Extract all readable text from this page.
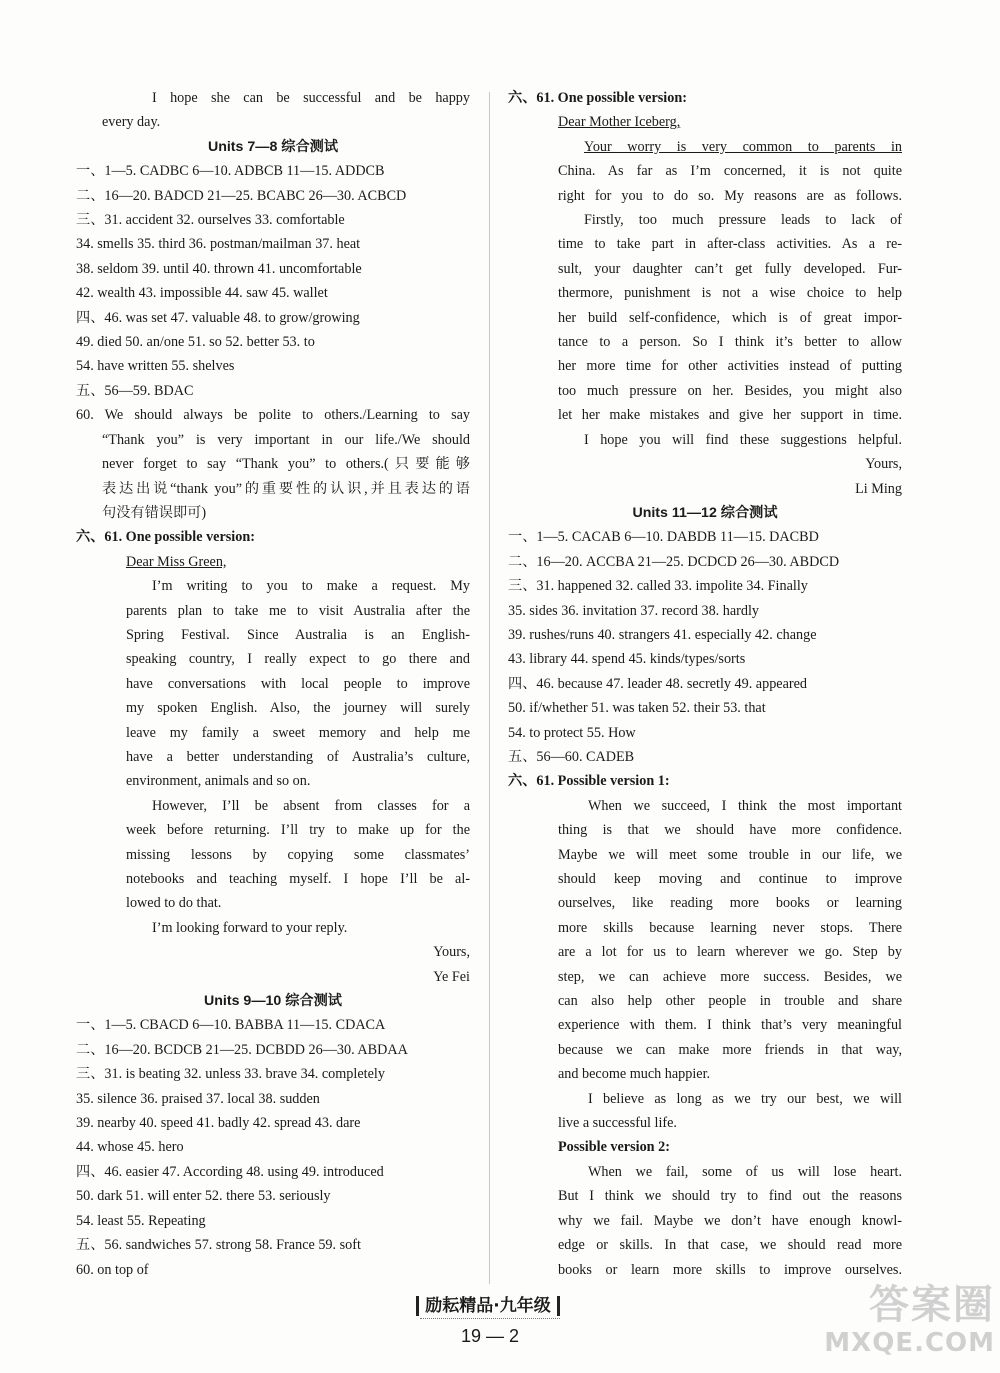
I hope she can be successful and be happy
every day.
Units 7—8 综合测试
一、1—5. CADBC 6—10. ADBCB 11—15. ADDCB
二、16—20. BADCD 21—25. BCABC 26—30. ACBCD
三、31. accident 32. ourselves 33. comfortable
34. smells 35. third 36. postman/mailman 37. heat
38. seldom 39. until 40. thrown 41. uncomfortable
42. wealth 43. impossible 44. saw 45. wallet
四、46. was set 47. valuable 48. to grow/growing
49. died 50. an/one 51. so 52. better 53. to
54. have written 55. shelves
五、56—59. BDAC
60. We should always be polite to others./Learning to say
“Thank you” is very important in our life./We should
never forget to say “Thank you” to others.(只要能够
表达出说“thank you”的重要性的认识,并且表达的语
句没有错误即可)
六、61. One possible version:
Dear Miss Green,
I’m writing to you to make a request. My
parents plan to take me to visit Australia after the
Spring Festival. Since Australia is an English-
speaking country, I really expect to go there and
have conversations with local people to improve
my spoken English. Also, the journey will surely
leave my family a sweet memory and help me
have a better understanding of Australia’s culture,
environment, animals and so on.
However, I’ll be absent from classes for a
week before returning. I’ll try to make up for the
missing lessons by copying some classmates’
notebooks and teaching myself. I hope I’ll be al-
lowed to do that.
I’m looking forward to your reply.
Yours,
Ye Fei
Units 9—10 综合测试
一、1—5. CBACD 6—10. BABBA 11—15. CDACA
二、16—20. BCDCB 21—25. DCBDD 26—30. ABDAA
三、31. is beating 32. unless 33. brave 34. completely
35. silence 36. praised 37. local 38. sudden
39. nearby 40. speed 41. badly 42. spread 43. dare
44. whose 45. hero
四、46. easier 47. According 48. using 49. introduced
50. dark 51. will enter 52. there 53. seriously
54. least 55. Repeating
五、56. sandwiches 57. strong 58. France 59. soft
60. on top of
六、61. One possible version:
Dear Mother Iceberg,
Your worry is very common to parents in
China. As far as I’m concerned, it is not quite
right for you to do so. My reasons are as follows.
Firstly, too much pressure leads to lack of
time to take part in after-class activities. As a re-
sult, your daughter can’t get fully developed. Fur-
thermore, punishment is not a wise choice to help
her build self-confidence, which is of great impor-
tance to a person. So I think it’s better to allow
her more time for other activities instead of putting
too much pressure on her. Besides, you might also
let her make mistakes and give her support in time.
I hope you will find these suggestions helpful.
Yours,
Li Ming
Units 11—12 综合测试
一、1—5. CACAB 6—10. DABDB 11—15. DACBD
二、16—20. ACCBA 21—25. DCDCD 26—30. ABDCD
三、31. happened 32. called 33. impolite 34. Finally
35. sides 36. invitation 37. record 38. hardly
39. rushes/runs 40. strangers 41. especially 42. change
43. library 44. spend 45. kinds/types/sorts
四、46. because 47. leader 48. secretly 49. appeared
50. if/whether 51. was taken 52. their 53. that
54. to protect 55. How
五、56—60. CADEB
六、61. Possible version 1:
When we succeed, I think the most important
thing is that we should have more confidence.
Maybe we will meet some trouble in our life, we
should keep moving and continue to improve
ourselves, like reading more books or learning
more skills because learning never stops. There
are a lot for us to learn wherever we go. Step by
step, we can achieve more success. Besides, we
can also help other people in trouble and share
experience with them. I think that’s very meaningful
because we can make more friends in that way,
and become much happier.
I believe as long as we try our best, we will
live a successful life.
Possible version 2:
When we fail, some of us will lose heart.
But I think we should try to find out the reasons
why we fail. Maybe we don’t have enough knowl-
edge or skills. In that case, we should read more
books or learn more skills to improve ourselves.
励耘精品·九年级
19 — 2
答案圈
MXQE.COM
